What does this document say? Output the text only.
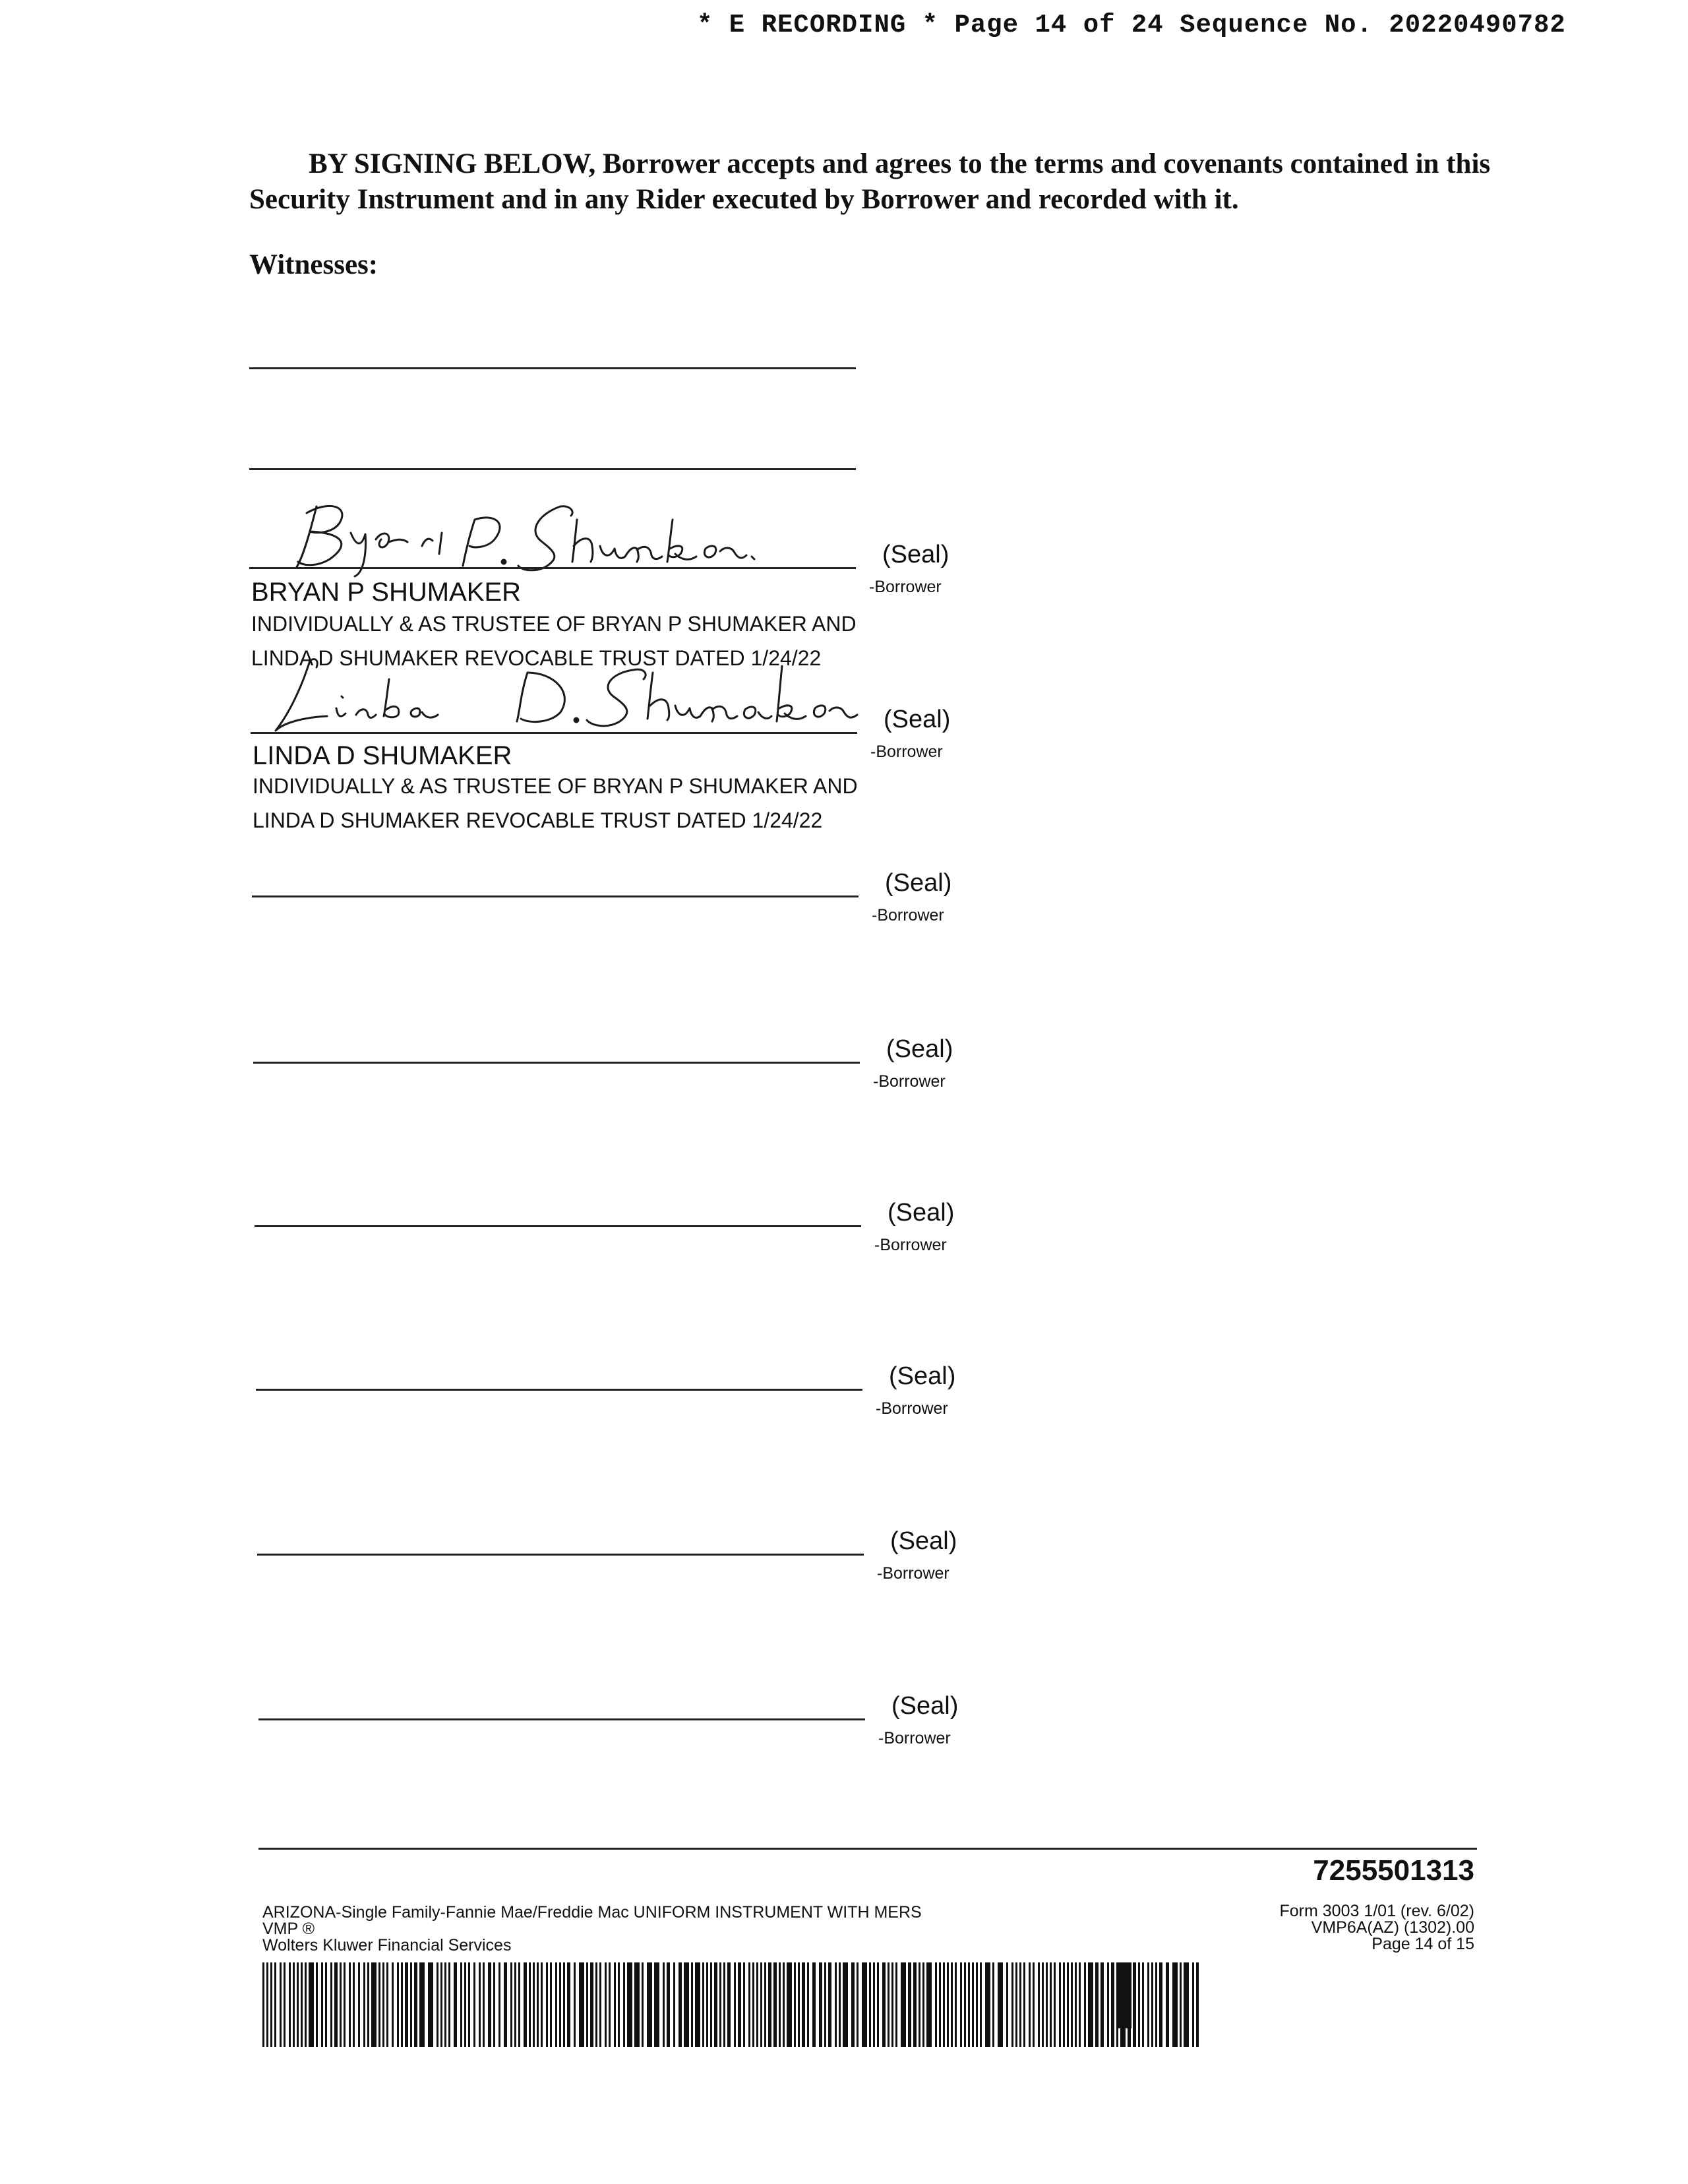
* E RECORDING * Page 14 of 24 Sequence No. 20220490782
BY SIGNING BELOW, Borrower accepts and agrees to the terms and covenants contained in this
Security Instrument and in any Rider executed by Borrower and recorded with it.
Witnesses:
(Seal)
-Borrower
BRYAN P SHUMAKER
INDIVIDUALLY & AS TRUSTEE OF BRYAN P SHUMAKER AND
LINDA D SHUMAKER REVOCABLE TRUST DATED 1/24/22
(Seal)
-Borrower
LINDA D SHUMAKER
INDIVIDUALLY & AS TRUSTEE OF BRYAN P SHUMAKER AND
LINDA D SHUMAKER REVOCABLE TRUST DATED 1/24/22
(Seal)
-Borrower
(Seal)
-Borrower
(Seal)
-Borrower
(Seal)
-Borrower
(Seal)
-Borrower
(Seal)
-Borrower
7255501313
ARIZONA-Single Family-Fannie Mae/Freddie Mac UNIFORM INSTRUMENT WITH MERS
VMP ®
Wolters Kluwer Financial Services
Form 3003 1/01 (rev. 6/02)
VMP6A(AZ) (1302).00
Page 14 of 15
